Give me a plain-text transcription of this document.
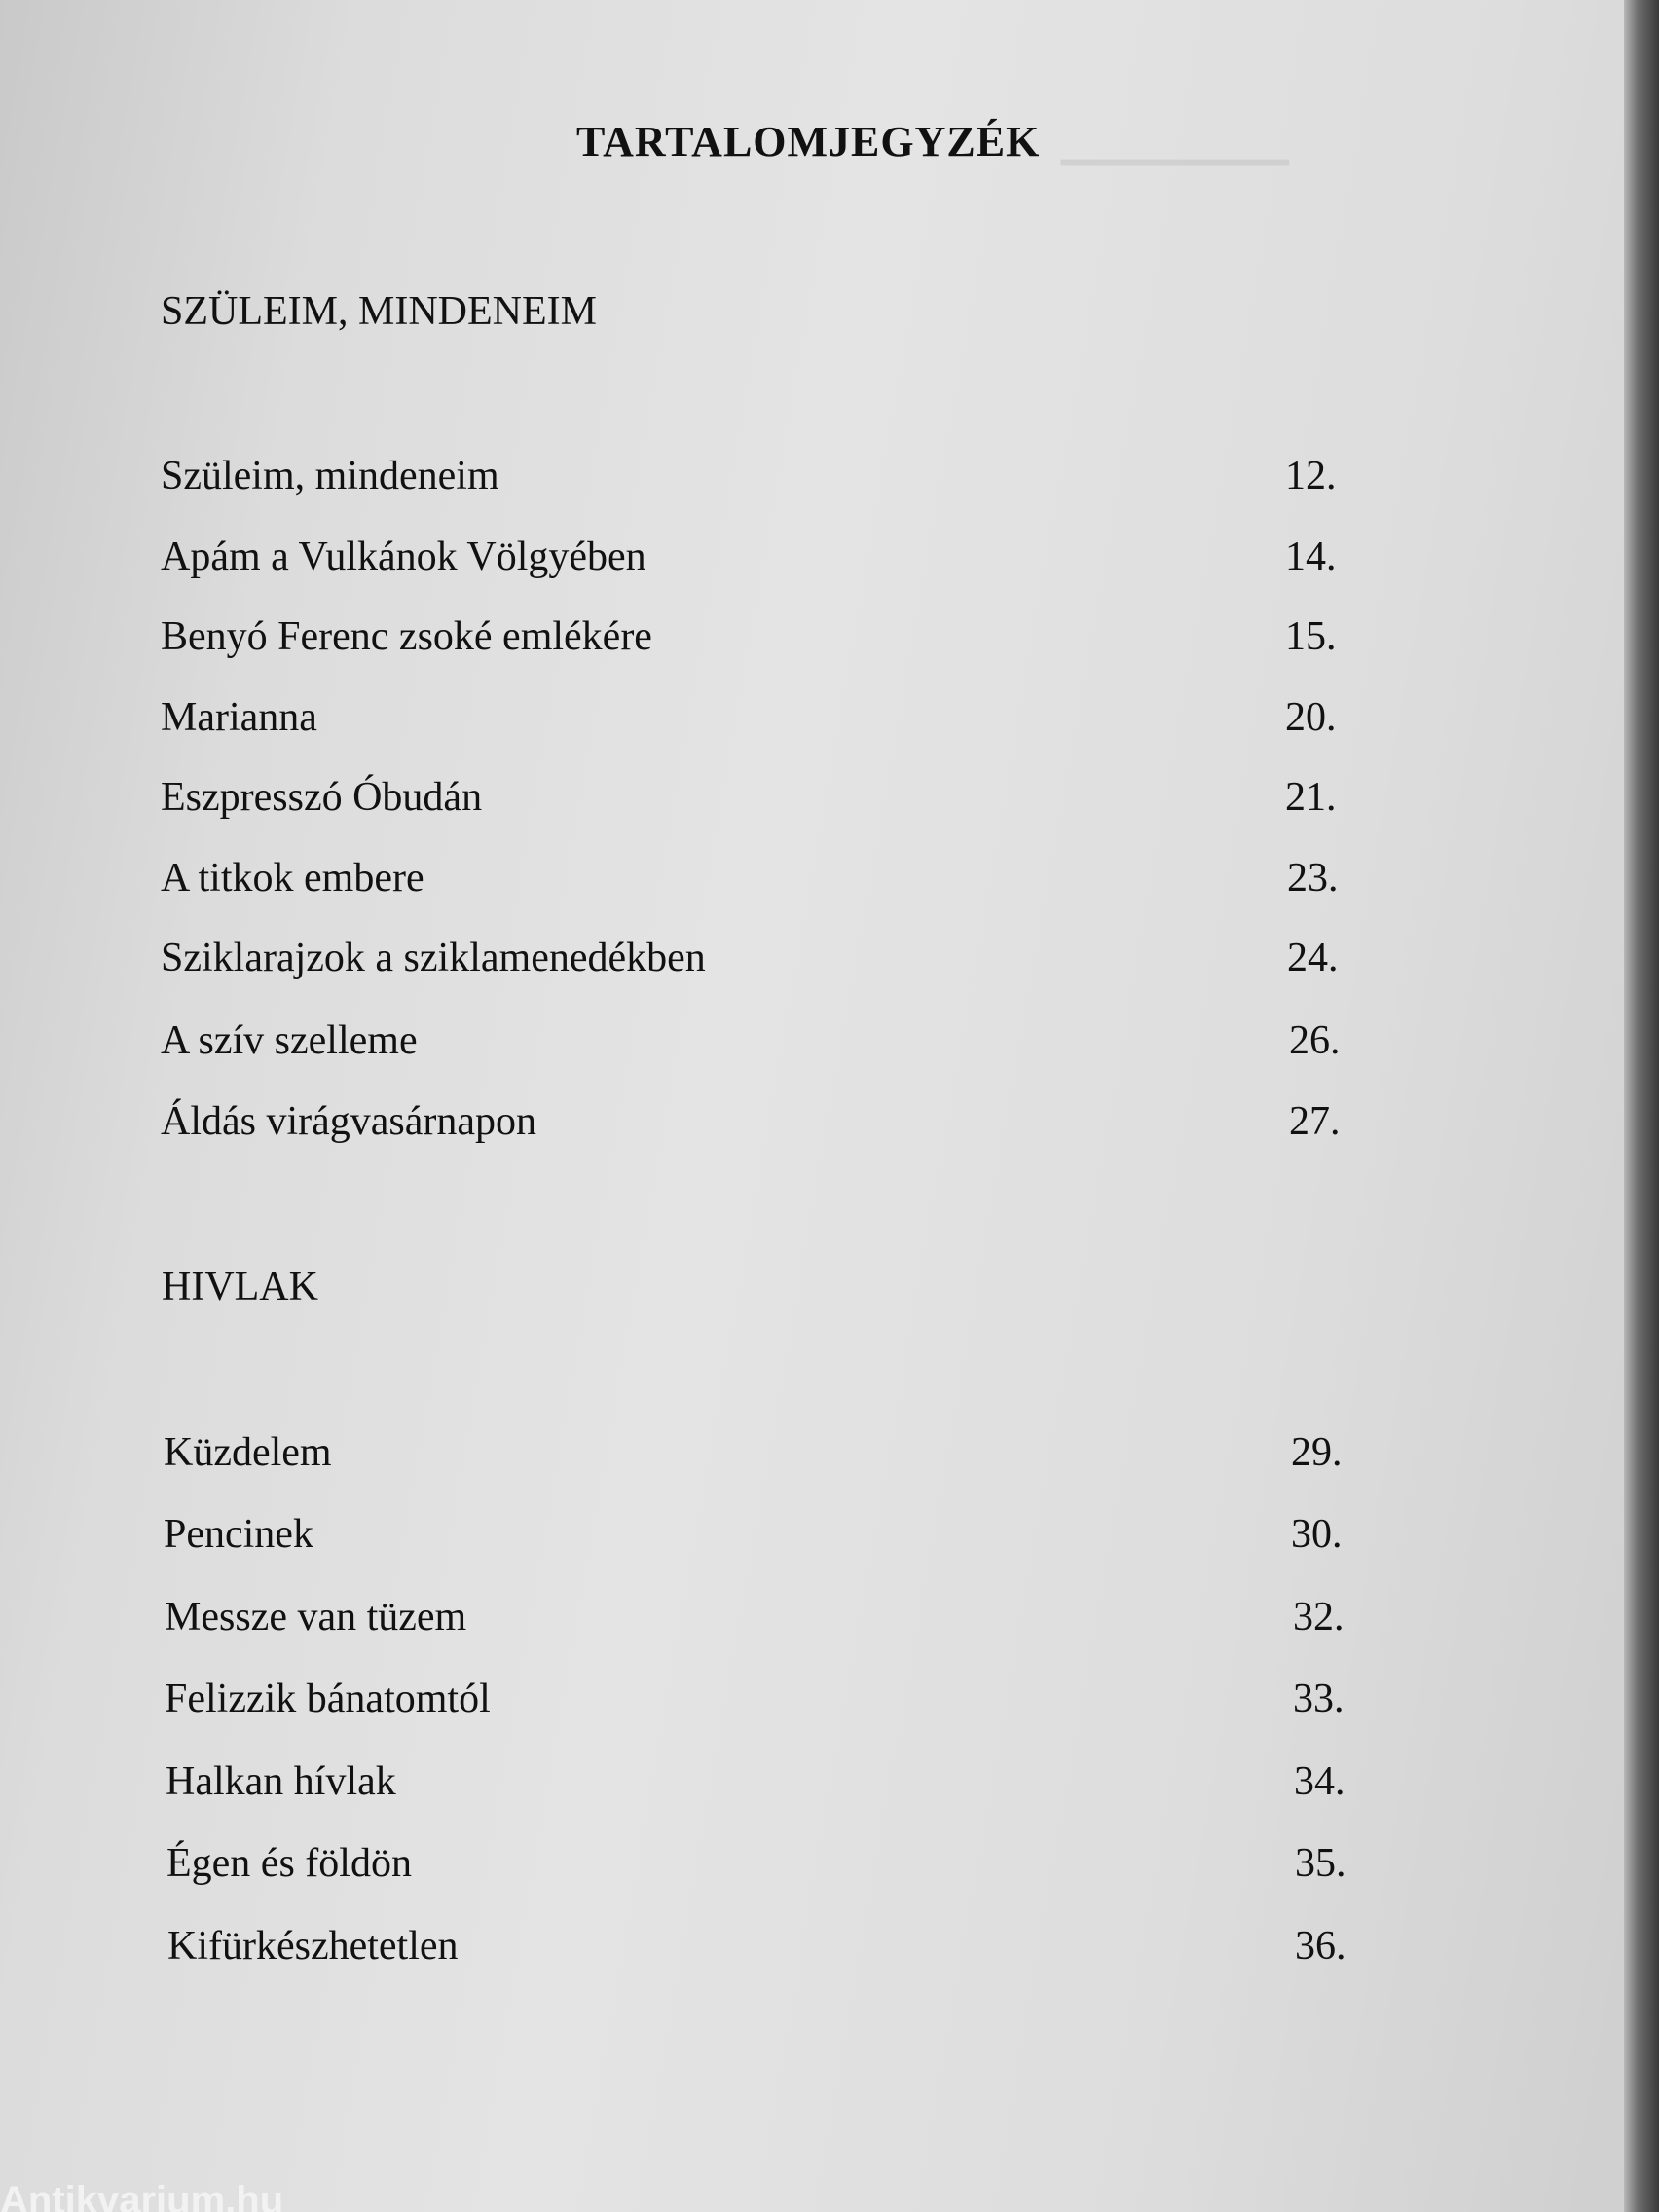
▁▁▁▁▁▁▁▁
TARTALOMJEGYZÉK
SZÜLEIM, MINDENEIM
Szüleim, mindeneim	12.
Apám a Vulkánok Völgyében	14.
Benyó Ferenc zsoké emlékére	15.
Marianna	20.
Eszpresszó Óbudán	21.
A titkok embere	23.
Sziklarajzok a sziklamenedékben	24.
A szív szelleme	26.
Áldás virágvasárnapon	27.
HIVLAK
Küzdelem	29.
Pencinek	30.
Messze van tüzem	32.
Felizzik bánatomtól	33.
Halkan hívlak	34.
Égen és földön	35.
Kifürkészhetetlen	36.
Antikvarium.hu
